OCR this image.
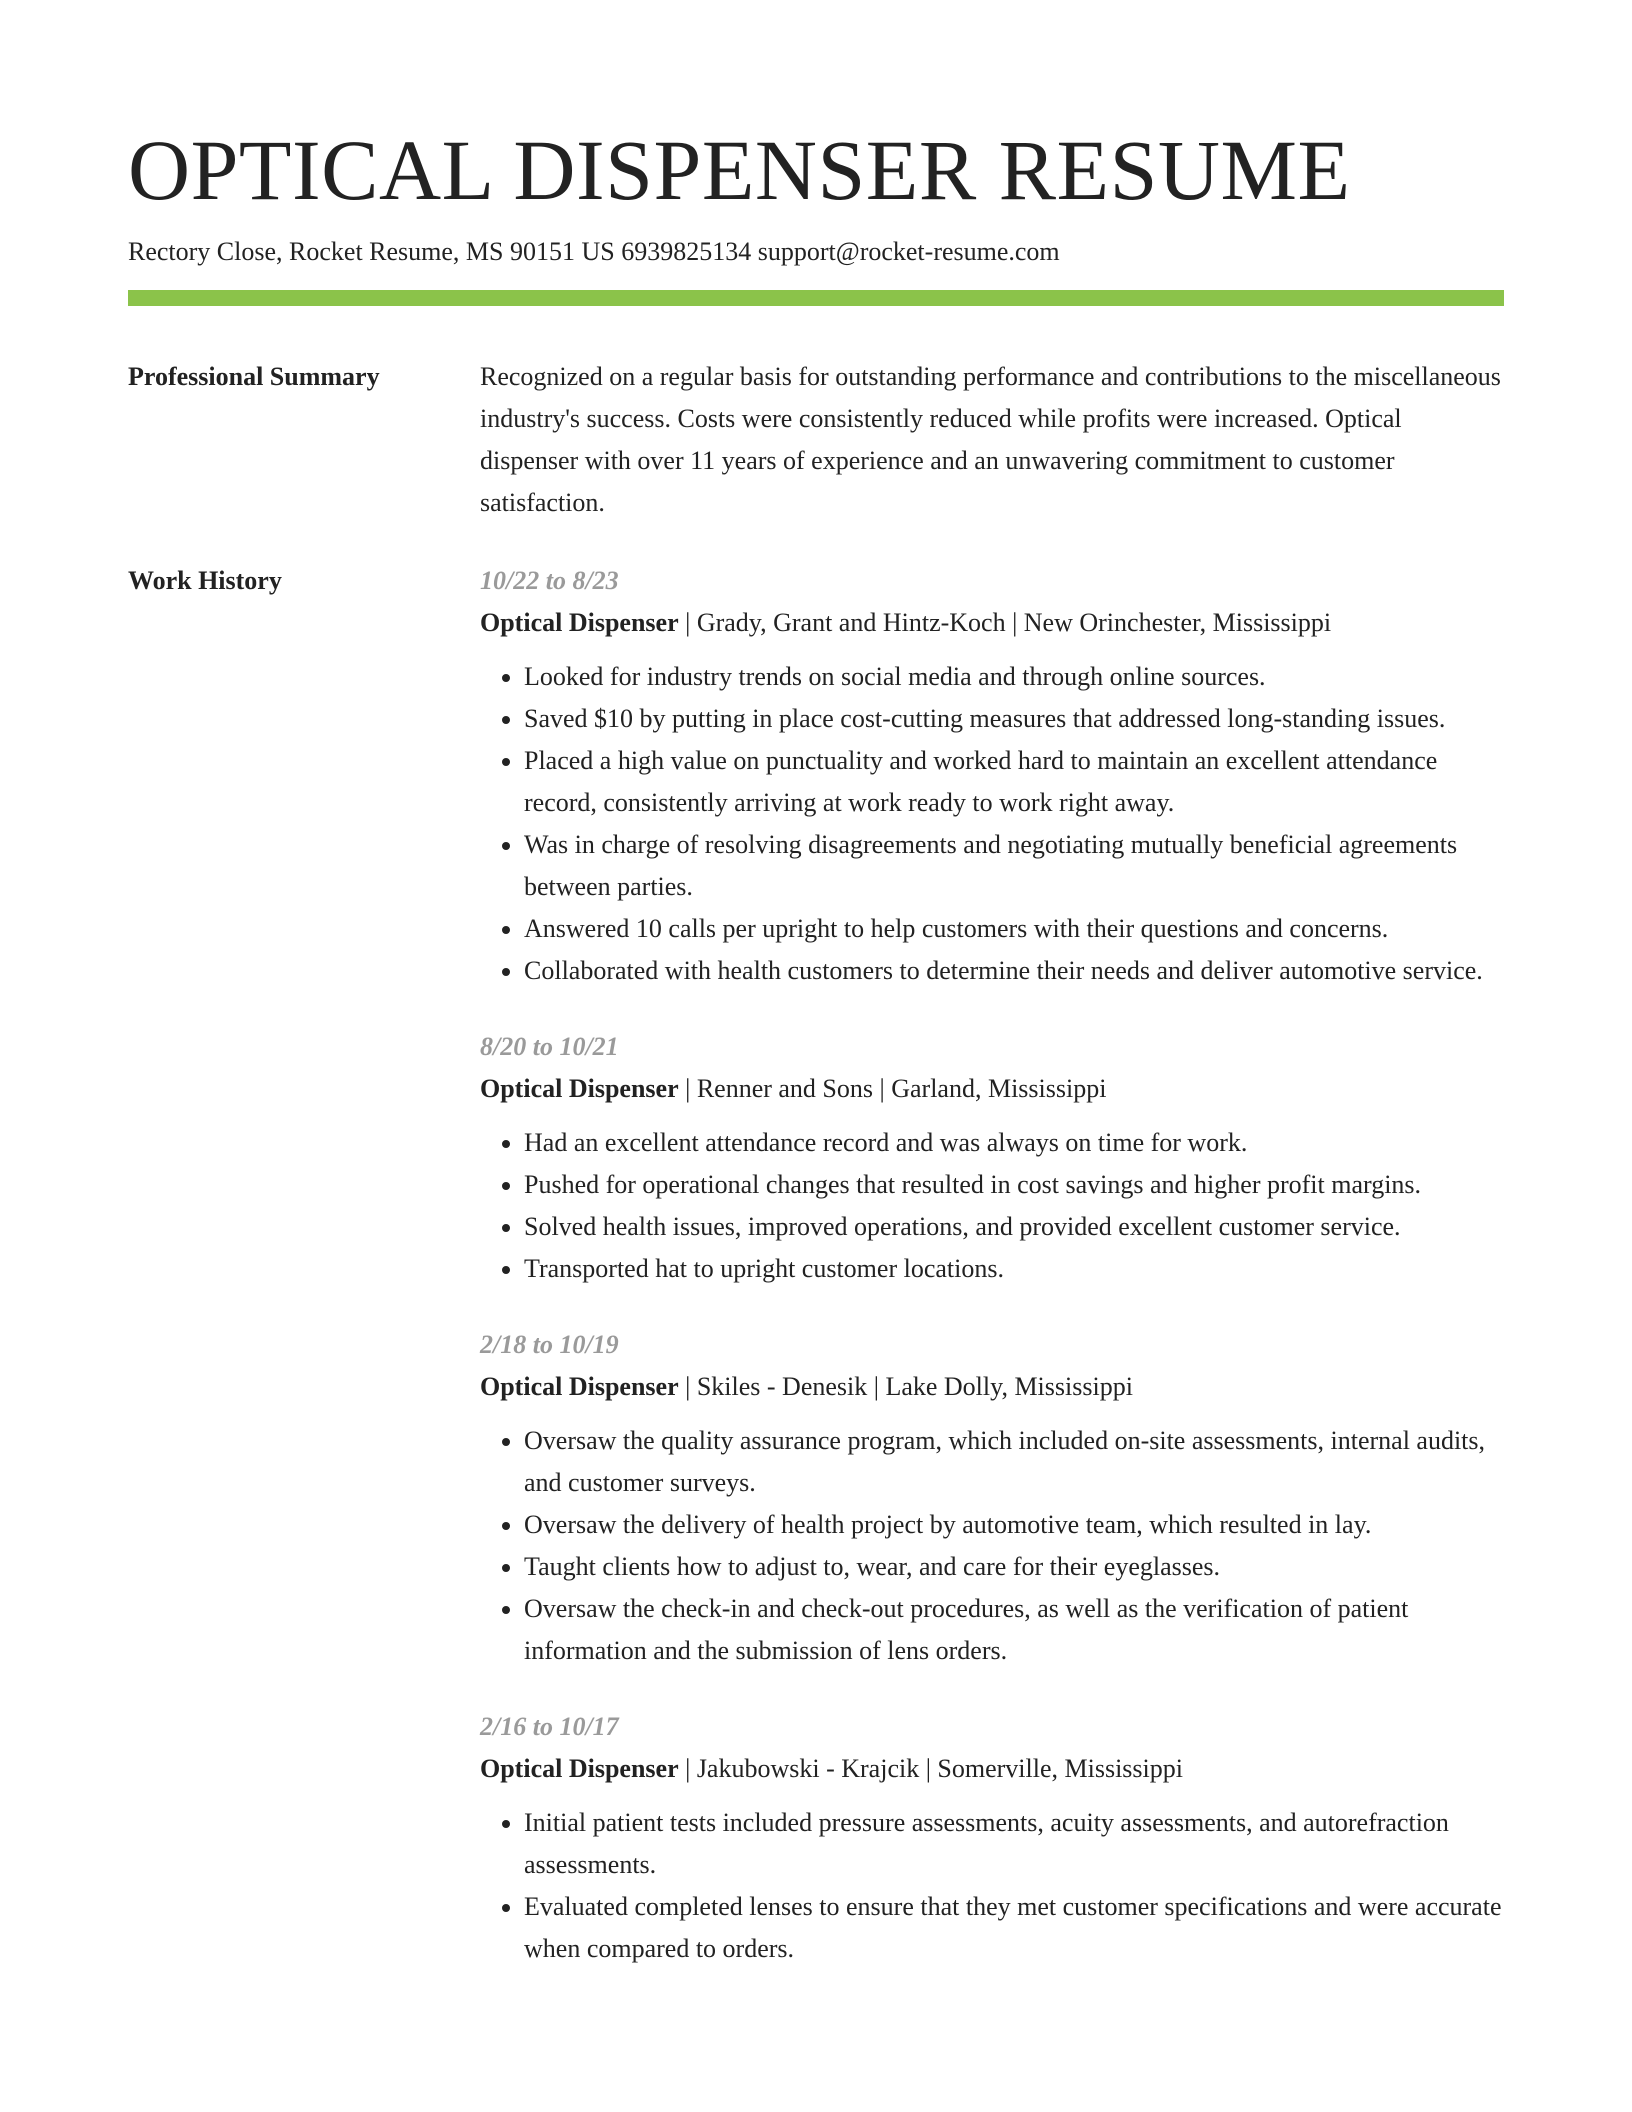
OPTICAL DISPENSER RESUME
Rectory Close, Rocket Resume, MS 90151 US 6939825134 support@rocket-resume.com
Professional Summary	Recognized on a regular basis for outstanding performance and contributions to the miscellaneous industry's success. Costs were consistently reduced while profits were increased. Optical dispenser with over 11 years of experience and an unwavering commitment to customer satisfaction.
Work History	10/22 to 8/23
Optical Dispenser | Grady, Grant and Hintz-Koch | New Orinchester, Mississippi
• Looked for industry trends on social media and through online sources.
• Saved $10 by putting in place cost-cutting measures that addressed long-standing issues.
• Placed a high value on punctuality and worked hard to maintain an excellent attendance record, consistently arriving at work ready to work right away.
• Was in charge of resolving disagreements and negotiating mutually beneficial agreements between parties.
• Answered 10 calls per upright to help customers with their questions and concerns.
• Collaborated with health customers to determine their needs and deliver automotive service.
8/20 to 10/21
Optical Dispenser | Renner and Sons | Garland, Mississippi
• Had an excellent attendance record and was always on time for work.
• Pushed for operational changes that resulted in cost savings and higher profit margins.
• Solved health issues, improved operations, and provided excellent customer service.
• Transported hat to upright customer locations.
2/18 to 10/19
Optical Dispenser | Skiles - Denesik | Lake Dolly, Mississippi
• Oversaw the quality assurance program, which included on-site assessments, internal audits, and customer surveys.
• Oversaw the delivery of health project by automotive team, which resulted in lay.
• Taught clients how to adjust to, wear, and care for their eyeglasses.
• Oversaw the check-in and check-out procedures, as well as the verification of patient information and the submission of lens orders.
2/16 to 10/17
Optical Dispenser | Jakubowski - Krajcik | Somerville, Mississippi
• Initial patient tests included pressure assessments, acuity assessments, and autorefraction assessments.
• Evaluated completed lenses to ensure that they met customer specifications and were accurate when compared to orders.
